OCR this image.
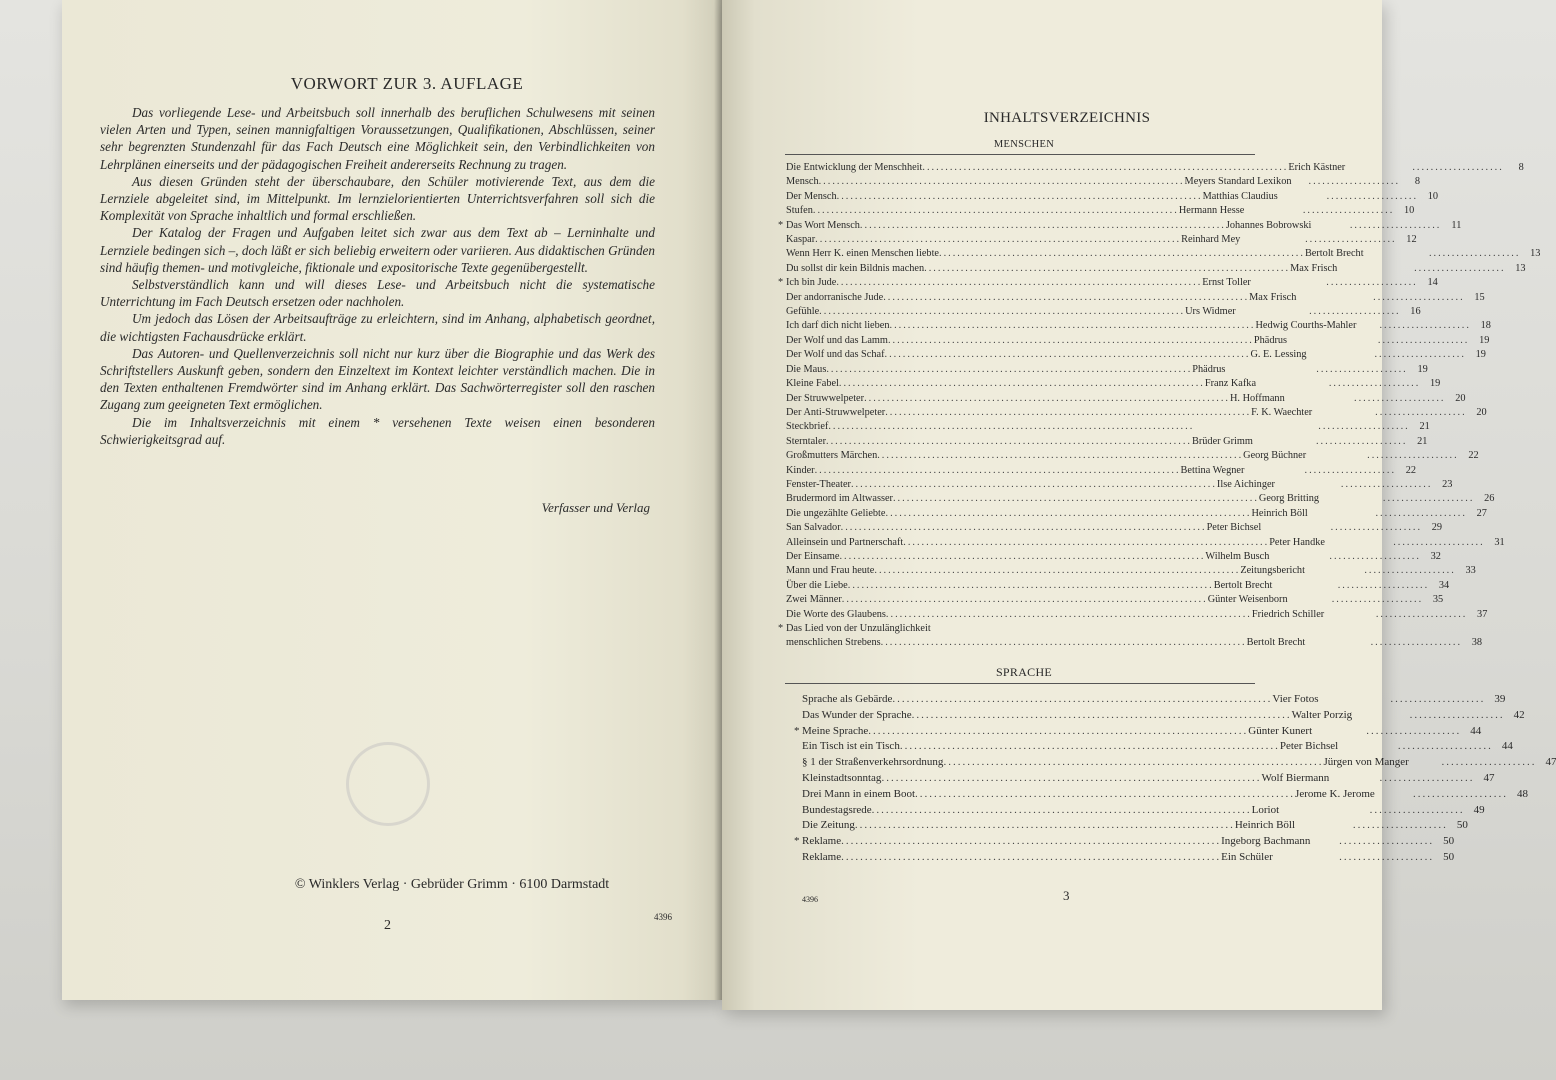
VORWORT ZUR 3. AUFLAGE

Das vorliegende Lese- und Arbeitsbuch soll innerhalb des beruflichen Schulwesens mit seinen vielen Arten und Typen, seinen mannigfaltigen Voraussetzungen, Qualifikationen, Abschlüssen, seiner sehr begrenzten Stundenzahl für das Fach Deutsch eine Möglichkeit sein, den Verbindlichkeiten von Lehrplänen einerseits und der pädagogischen Freiheit andererseits Rechnung zu tragen.

Aus diesen Gründen steht der überschaubare, den Schüler motivierende Text, aus dem die Lernziele abgeleitet sind, im Mittelpunkt. Im lernzielorientierten Unterrichtsverfahren soll sich die Komplexität von Sprache inhaltlich und formal erschließen.

Der Katalog der Fragen und Aufgaben leitet sich zwar aus dem Text ab – Lerninhalte und Lernziele bedingen sich –, doch läßt er sich beliebig erweitern oder variieren. Aus didaktischen Gründen sind häufig themen- und motivgleiche, fiktionale und expositorische Texte gegenübergestellt.

Selbstverständlich kann und will dieses Lese- und Arbeitsbuch nicht die systematische Unterrichtung im Fach Deutsch ersetzen oder nachholen.

Um jedoch das Lösen der Arbeitsaufträge zu erleichtern, sind im Anhang, alphabetisch geordnet, die wichtigsten Fachausdrücke erklärt.

Das Autoren- und Quellenverzeichnis soll nicht nur kurz über die Biographie und das Werk des Schriftstellers Auskunft geben, sondern den Einzeltext im Kontext leichter verständlich machen. Die in den Texten enthaltenen Fremdwörter sind im Anhang erklärt. Das Sachwörterregister soll den raschen Zugang zum geeigneten Text ermöglichen.

Die im Inhaltsverzeichnis mit einem * versehenen Texte weisen einen besonderen Schwierigkeitsgrad auf.

Verfasser und Verlag
© Winklers Verlag · Gebrüder Grimm · 6100 Darmstadt
2
4396
INHALTSVERZEICHNIS
MENSCHEN
Die Entwicklung der Menschheit ................................................................................ Erich Kästner	....................	8
Mensch ................................................................................ Meyers Standard Lexikon	....................	8
Der Mensch ................................................................................ Matthias Claudius	.................... 10
Stufen ................................................................................ Hermann Hesse	.................... 10
* Das Wort Mensch ................................................................................ Johannes Bobrowski	.................... 11
Kaspar ................................................................................ Reinhard Mey	.................... 12
Wenn Herr K. einen Menschen liebte ................................................................................ Bertolt Brecht	.................... 13
Du sollst dir kein Bildnis machen ................................................................................ Max Frisch	.................... 13
* Ich bin Jude ................................................................................ Ernst Toller	.................... 14
Der andorranische Jude ................................................................................ Max Frisch	.................... 15
Gefühle ................................................................................ Urs Widmer	.................... 16
Ich darf dich nicht lieben ................................................................................ Hedwig Courths-Mahler	.................... 18
Der Wolf und das Lamm ................................................................................ Phädrus	.................... 19
Der Wolf und das Schaf ................................................................................ G. E. Lessing	.................... 19
Die Maus ................................................................................ Phädrus	.................... 19
Kleine Fabel ................................................................................ Franz Kafka	.................... 19
Der Struwwelpeter ................................................................................ H. Hoffmann	.................... 20
Der Anti-Struwwelpeter ................................................................................ F. K. Waechter	.................... 20
Steckbrief ................................................................................	.................... 21
Sterntaler ................................................................................ Brüder Grimm	.................... 21
Großmutters Märchen ................................................................................ Georg Büchner	.................... 22
Kinder ................................................................................ Bettina Wegner	.................... 22
Fenster-Theater ................................................................................ Ilse Aichinger	.................... 23
Brudermord im Altwasser ................................................................................ Georg Britting	.................... 26
Die ungezählte Geliebte ................................................................................ Heinrich Böll	.................... 27
San Salvador ................................................................................ Peter Bichsel	.................... 29
Alleinsein und Partnerschaft ................................................................................ Peter Handke	.................... 31
Der Einsame ................................................................................ Wilhelm Busch	.................... 32
Mann und Frau heute ................................................................................ Zeitungsbericht	.................... 33
Über die Liebe ................................................................................ Bertolt Brecht	.................... 34
Zwei Männer ................................................................................ Günter Weisenborn	.................... 35
Die Worte des Glaubens ................................................................................ Friedrich Schiller	.................... 37
* Das Lied von der Unzulänglichkeit
menschlichen Strebens ................................................................................ Bertolt Brecht	.................... 38
SPRACHE
Sprache als Gebärde ................................................................................ Vier Fotos	.................... 39
Das Wunder der Sprache ................................................................................ Walter Porzig	.................... 42
* Meine Sprache ................................................................................ Günter Kunert	.................... 44
Ein Tisch ist ein Tisch ................................................................................ Peter Bichsel	.................... 44
§ 1 der Straßenverkehrsordnung ................................................................................ Jürgen von Manger	.................... 47
Kleinstadtsonntag ................................................................................ Wolf Biermann	.................... 47
Drei Mann in einem Boot ................................................................................ Jerome K. Jerome	.................... 48
Bundestagsrede ................................................................................ Loriot	.................... 49
Die Zeitung ................................................................................ Heinrich Böll	.................... 50
* Reklame ................................................................................ Ingeborg Bachmann	.................... 50
Reklame ................................................................................ Ein Schüler	.................... 50
4396	3
